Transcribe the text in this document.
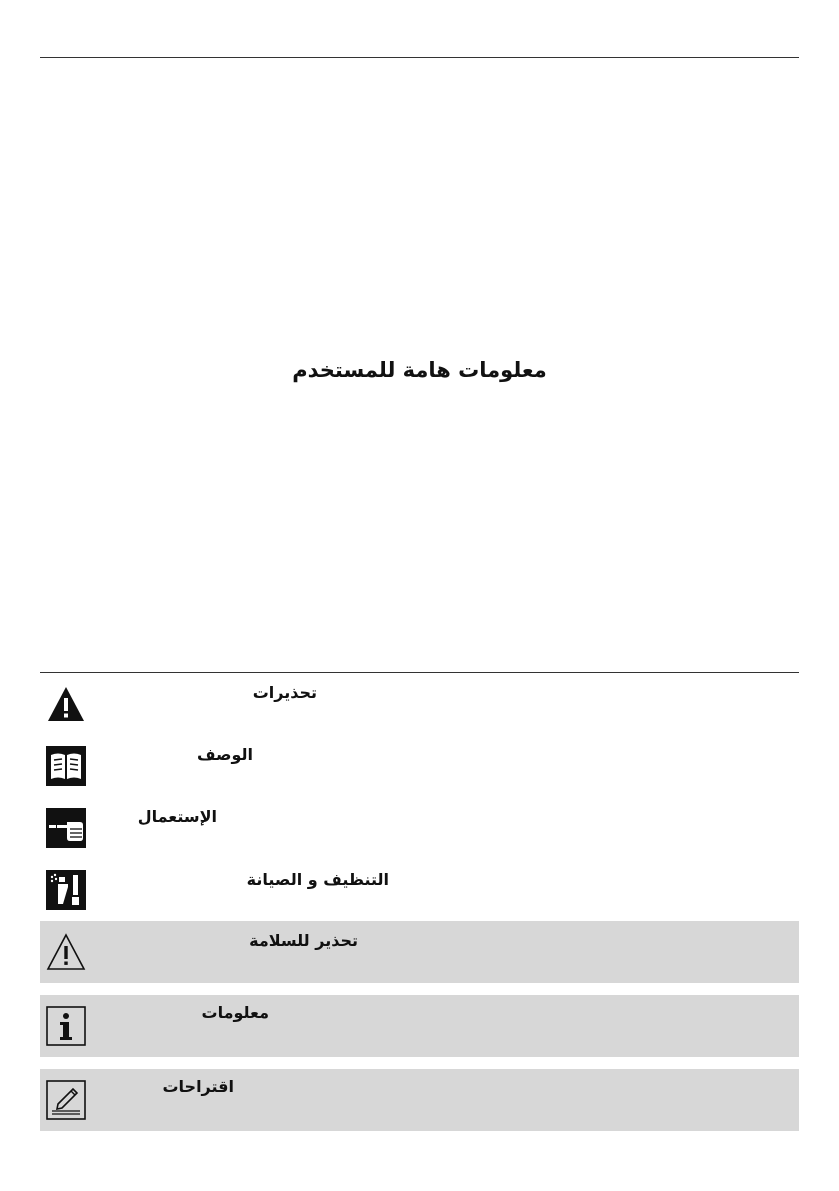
معلومات هامة للمستخدم
تحذيرات
الوصف
الإستعمال
التنظيف و الصيانة
تحذير للسلامة
معلومات
اقتراحات
